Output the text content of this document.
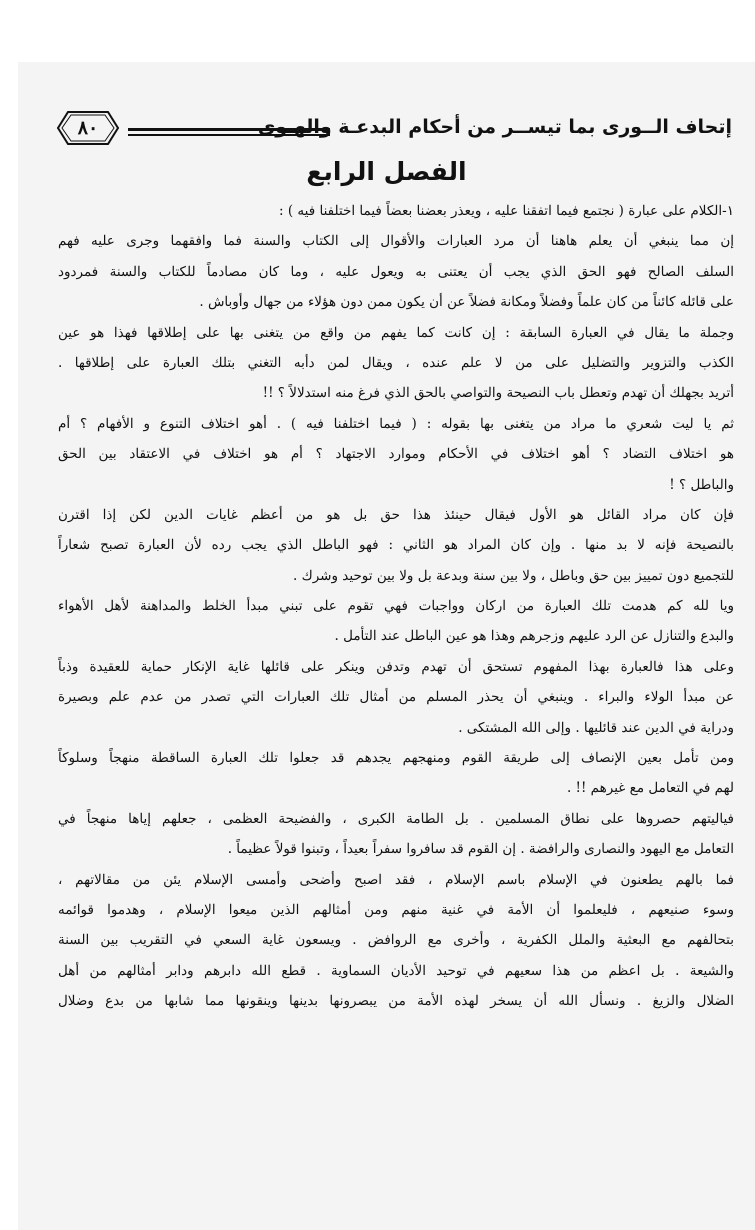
إتحاف الــورى بما تيســر من أحكام البدعـة والهـوى
٨٠
الفصل الرابع
١-الكلام على عبارة ( نجتمع فيما اتفقنا عليه ، ويعذر بعضنا بعضاً فيما اختلفنا فيه ) :
إن مما ينبغي أن يعلم هاهنا أن مرد العبارات والأقوال إلى الكتاب والسنة فما وافقهما وجرى عليه فهم
السلف الصالح فهو الحق الذي يجب أن يعتنى به ويعول عليه ، وما كان مصادماً للكتاب والسنة فمردود
على قائله كائناً من كان علماً وفضلاً ومكانة فضلاً عن أن يكون ممن دون هؤلاء من جهال وأوباش .
وجملة ما يقال في العبارة السابقة : إن كانت كما يفهم من واقع من يتغنى بها على إطلاقها فهذا هو عين
الكذب والتزوير والتضليل على من لا علم عنده ، ويقال لمن دأبه التغني بتلك العبارة على إطلاقها .
أتريد بجهلك أن تهدم وتعطل باب النصيحة والتواصي بالحق الذي فرغ منه استدلالاً ؟ !!
ثم يا ليت شعري ما مراد من يتغنى بها بقوله : ( فيما اختلفنا فيه ) . أهو اختلاف التنوع و الأفهام ؟ أم
هو اختلاف التضاد ؟ أهو اختلاف في الأحكام وموارد الاجتهاد ؟ أم هو اختلاف في الاعتقاد بين الحق
والباطل ؟ !
فإن كان مراد القائل هو الأول فيقال حينئذ هذا حق بل هو من أعظم غايات الدين لكن إذا اقترن
بالنصيحة فإنه لا بد منها . وإن كان المراد هو الثاني : فهو الباطل الذي يجب رده لأن العبارة تصبح شعاراً
للتجميع دون تمييز بين حق وباطل ، ولا بين سنة وبدعة بل ولا بين توحيد وشرك .
ويا لله كم هدمت تلك العبارة من اركان وواجبات فهي تقوم على تبني مبدأ الخلط والمداهنة لأهل الأهواء
والبدع والتنازل عن الرد عليهم وزجرهم وهذا هو عين الباطل عند التأمل .
وعلى هذا فالعبارة بهذا المفهوم تستحق أن تهدم وتدفن وينكر على قائلها غاية الإنكار حماية للعقيدة وذباً
عن مبدأ الولاء والبراء . وينبغي أن يحذر المسلم من أمثال تلك العبارات التي تصدر من عدم علم وبصيرة
ودراية في الدين عند قائليها . وإلى الله المشتكى .
ومن تأمل بعين الإنصاف إلى طريقة القوم ومنهجهم يجدهم قد جعلوا تلك العبارة الساقطة منهجاً وسلوكاً
لهم في التعامل مع غيرهم !! .
فياليتهم حصروها على نطاق المسلمين . بل الطامة الكبرى ، والفضيحة العظمى ، جعلهم إياها منهجاً في
التعامل مع اليهود والنصارى والرافضة . إن القوم قد سافروا سفراً بعيداً ، وتبنوا قولاً عظيماً .
فما بالهم يطعنون في الإسلام باسم الإسلام ، فقد اصبح وأضحى وأمسى الإسلام يئن من مقالاتهم ،
وسوء صنيعهم ، فليعلموا أن الأمة في غنية منهم ومن أمثالهم الذين ميعوا الإسلام ، وهدموا قوائمه
بتحالفهم مع البعثية والملل الكفرية ، وأخرى مع الروافض . ويسعون غاية السعي في التقريب بين السنة
والشيعة . بل اعظم من هذا سعيهم في توحيد الأديان السماوية . قطع الله دابرهم ودابر أمثالهم من أهل
الضلال والزيغ . ونسأل الله أن يسخر لهذه الأمة من يبصرونها بدينها وينقونها مما شابها من بدع وضلال
